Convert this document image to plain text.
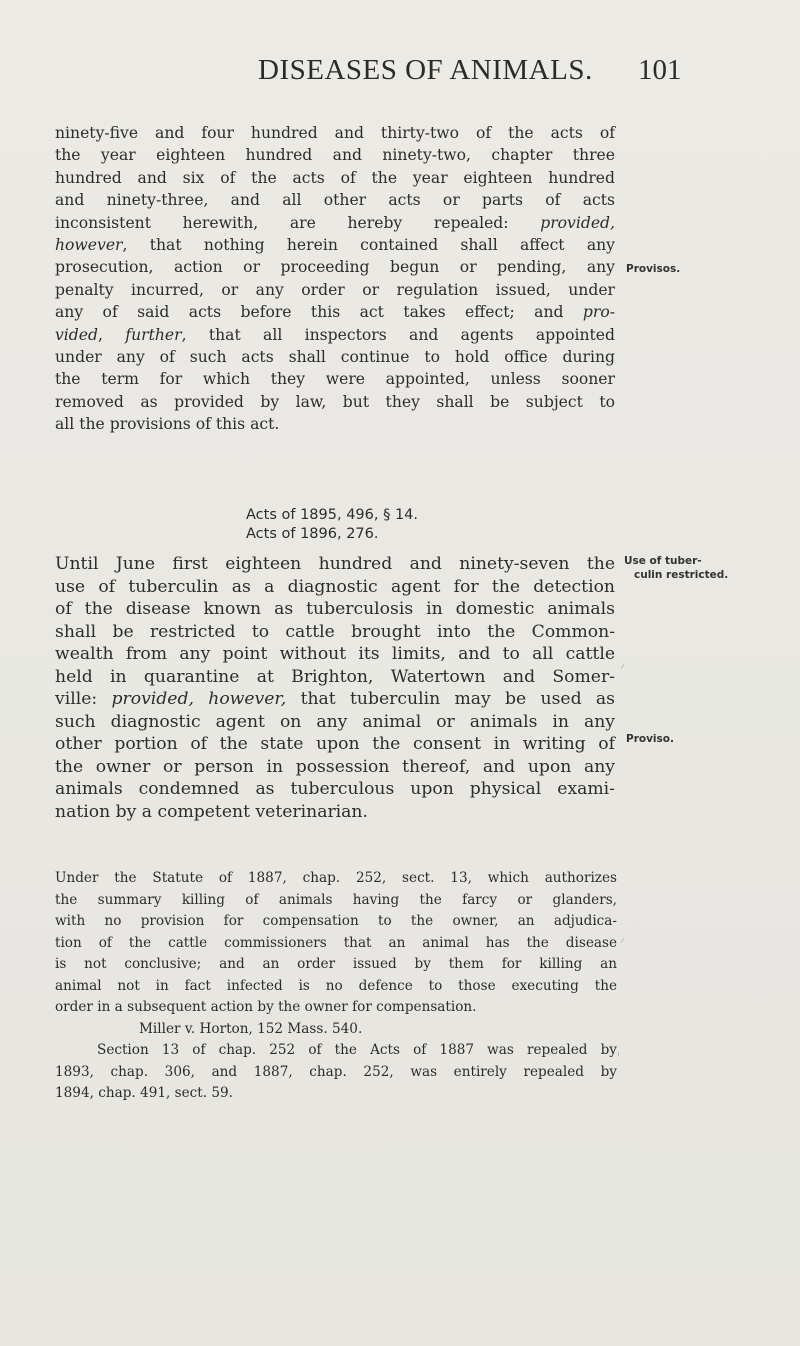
DISEASES OF ANIMALS. 101
ninety-five and four hundred and thirty-two of the acts of
the year eighteen hundred and ninety-two, chapter three
hundred and six of the acts of the year eighteen hundred
and ninety-three, and all other acts or parts of acts
inconsistent herewith, are hereby repealed: provided,
however, that nothing herein contained shall affect any
prosecution, action or proceeding begun or pending, any
penalty incurred, or any order or regulation issued, under
any of said acts before this act takes effect; and pro-
vided, further, that all inspectors and agents appointed
under any of such acts shall continue to hold office during
the term for which they were appointed, unless sooner
removed as provided by law, but they shall be subject to
all the provisions of this act.
Provisos.
Acts of 1895, 496, § 14.
Acts of 1896, 276.
Use of tuber-
culin restricted.
Until June first eighteen hundred and ninety-seven the
use of tuberculin as a diagnostic agent for the detection
of the disease known as tuberculosis in domestic animals
shall be restricted to cattle brought into the Common-
wealth from any point without its limits, and to all cattle
held in quarantine at Brighton, Watertown and Somer-
ville: provided, however, that tuberculin may be used as
such diagnostic agent on any animal or animals in any
other portion of the state upon the consent in writing of
the owner or person in possession thereof, and upon any
animals condemned as tuberculous upon physical exami-
nation by a competent veterinarian.
Proviso.
Under the Statute of 1887, chap. 252, sect. 13, which authorizes
the summary killing of animals having the farcy or glanders,
with no provision for compensation to the owner, an adjudica-
tion of the cattle commissioners that an animal has the disease
is not conclusive; and an order issued by them for killing an
animal not in fact infected is no defence to those executing the
order in a subsequent action by the owner for compensation.
Miller v. Horton, 152 Mass. 540.
Section 13 of chap. 252 of the Acts of 1887 was repealed by
1893, chap. 306, and 1887, chap. 252, was entirely repealed by
1894, chap. 491, sect. 59.
